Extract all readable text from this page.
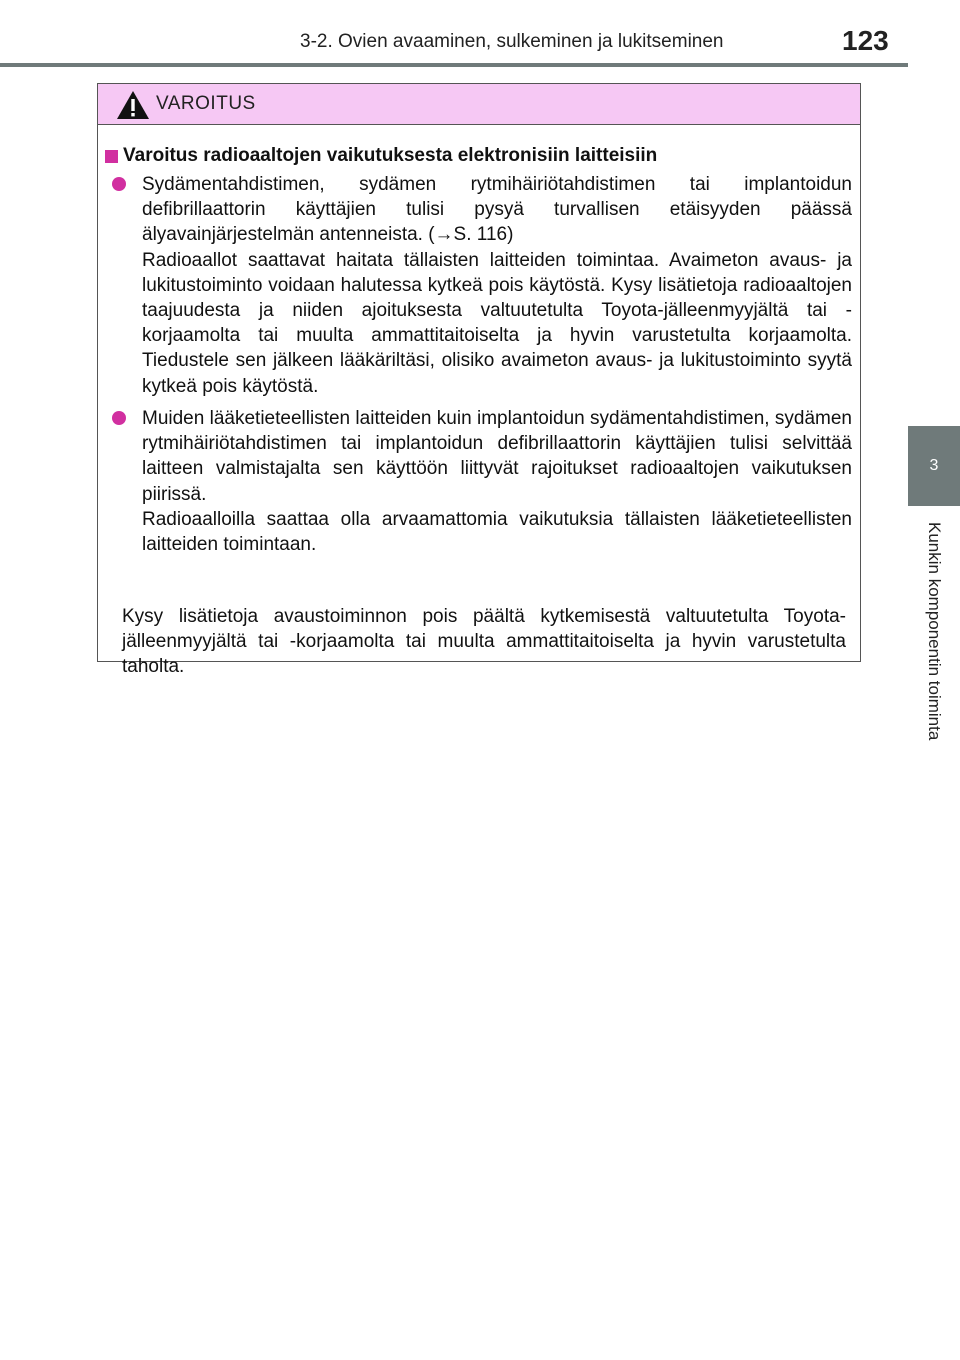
3-2. Ovien avaaminen, sulkeminen ja lukitseminen	123
3
Kunkin komponentin toiminta
VAROITUS
Varoitus radioaaltojen vaikutuksesta elektronisiin laitteisiin

Sydämentahdistimen, sydämen rytmihäiriötahdistimen tai implantoidun defibrillaattorin käyttäjien tulisi pysyä turvallisen etäisyyden päässä älyavainjärjestelmän antenneista. (→S. 116)

Radioaallot saattavat haitata tällaisten laitteiden toimintaa. Avaimeton avaus- ja lukitustoiminto voidaan halutessa kytkeä pois käytöstä. Kysy lisätietoja radioaaltojen taajuudesta ja niiden ajoituksesta valtuutetulta Toyota-jälleenmyyjältä tai -korjaamolta tai muulta ammattitaitoiselta ja hyvin varustetulta korjaamolta. Tiedustele sen jälkeen lääkäriltäsi, olisiko avaimeton avaus- ja lukitustoiminto syytä kytkeä pois käytöstä.

Muiden lääketieteellisten laitteiden kuin implantoidun sydämentahdistimen, sydämen rytmihäiriötahdistimen tai implantoidun defibrillaattorin käyttäjien tulisi selvittää laitteen valmistajalta sen käyttöön liittyvät rajoitukset radioaaltojen vaikutuksen piirissä.

Radioaalloilla saattaa olla arvaamattomia vaikutuksia tällaisten lääketieteellisten laitteiden toimintaan.

Kysy lisätietoja avaustoiminnon pois päältä kytkemisestä valtuutetulta Toyota-jälleenmyyjältä tai -korjaamolta tai muulta ammattitaitoiselta ja hyvin varustetulta taholta.
